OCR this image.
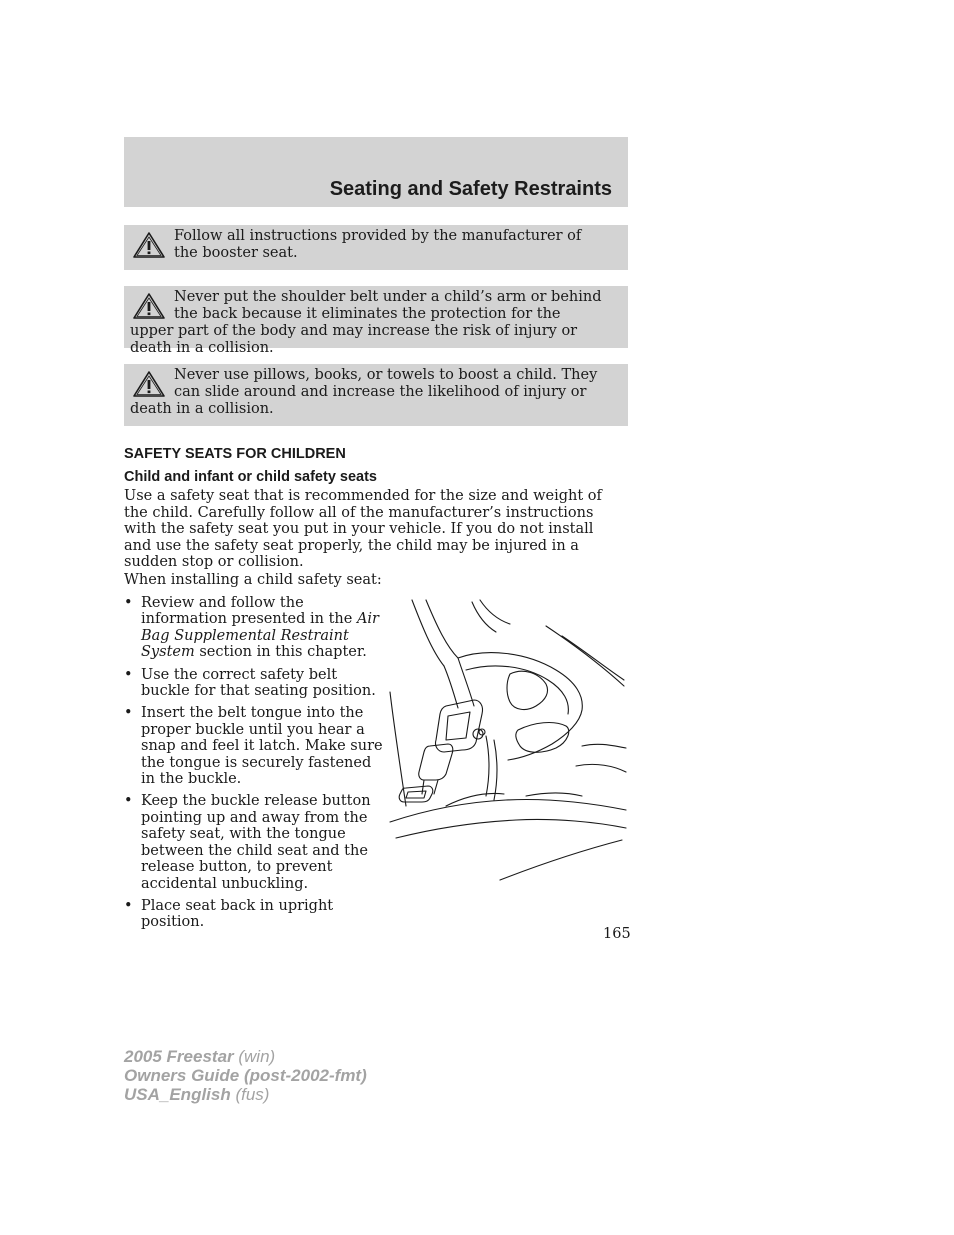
Seating and Safety Restraints
Follow all instructions provided by the manufacturer of the booster seat.
Never put the shoulder belt under a child’s arm or behind the back because it eliminates the protection for the upper part of the body and may increase the risk of injury or death in a collision.
Never use pillows, books, or towels to boost a child. They can slide around and increase the likelihood of injury or death in a collision.
SAFETY SEATS FOR CHILDREN
Child and infant or child safety seats

Use a safety seat that is recommended for the size and weight of the child. Carefully follow all of the manufacturer’s instructions with the safety seat you put in your vehicle. If you do not install and use the safety seat properly, the child may be injured in a sudden stop or collision.

When installing a child safety seat:

• Review and follow the information presented in the Air Bag Supplemental Restraint System section in this chapter.
• Use the correct safety belt buckle for that seating position.
• Insert the belt tongue into the proper buckle until you hear a snap and feel it latch. Make sure the tongue is securely fastened in the buckle.
• Keep the buckle release button pointing up and away from the safety seat, with the tongue between the child seat and the release button, to prevent accidental unbuckling.
• Place seat back in upright position.

165

2005 Freestar (win)
Owners Guide (post-2002-fmt)
USA_English (fus)
